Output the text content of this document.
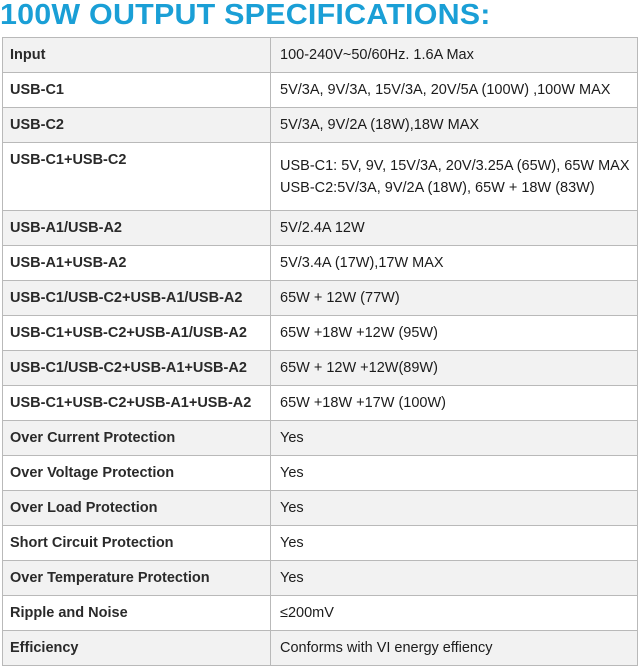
100W OUTPUT SPECIFICATIONS:
Input	100-240V~50/60Hz. 1.6A Max
USB-C1	5V/3A, 9V/3A, 15V/3A, 20V/5A (100W) ,100W MAX
USB-C2	5V/3A, 9V/2A (18W),18W MAX
USB-C1+USB-C2	USB-C1: 5V, 9V, 15V/3A, 20V/3.25A (65W), 65W MAX
USB-C2:5V/3A, 9V/2A (18W), 65W + 18W (83W)

USB-A1/USB-A2	5V/2.4A 12W
USB-A1+USB-A2	5V/3.4A (17W),17W MAX
USB-C1/USB-C2+USB-A1/USB-A2	65W + 12W (77W)
USB-C1+USB-C2+USB-A1/USB-A2	65W +18W +12W (95W)
USB-C1/USB-C2+USB-A1+USB-A2	65W + 12W +12W(89W)
USB-C1+USB-C2+USB-A1+USB-A2	65W +18W +17W (100W)
Over Current Protection	Yes
Over Voltage Protection	Yes
Over Load Protection	Yes
Short Circuit Protection	Yes
Over Temperature Protection	Yes
Ripple and Noise	≤200mV
Efficiency	Conforms with VI energy effiency
